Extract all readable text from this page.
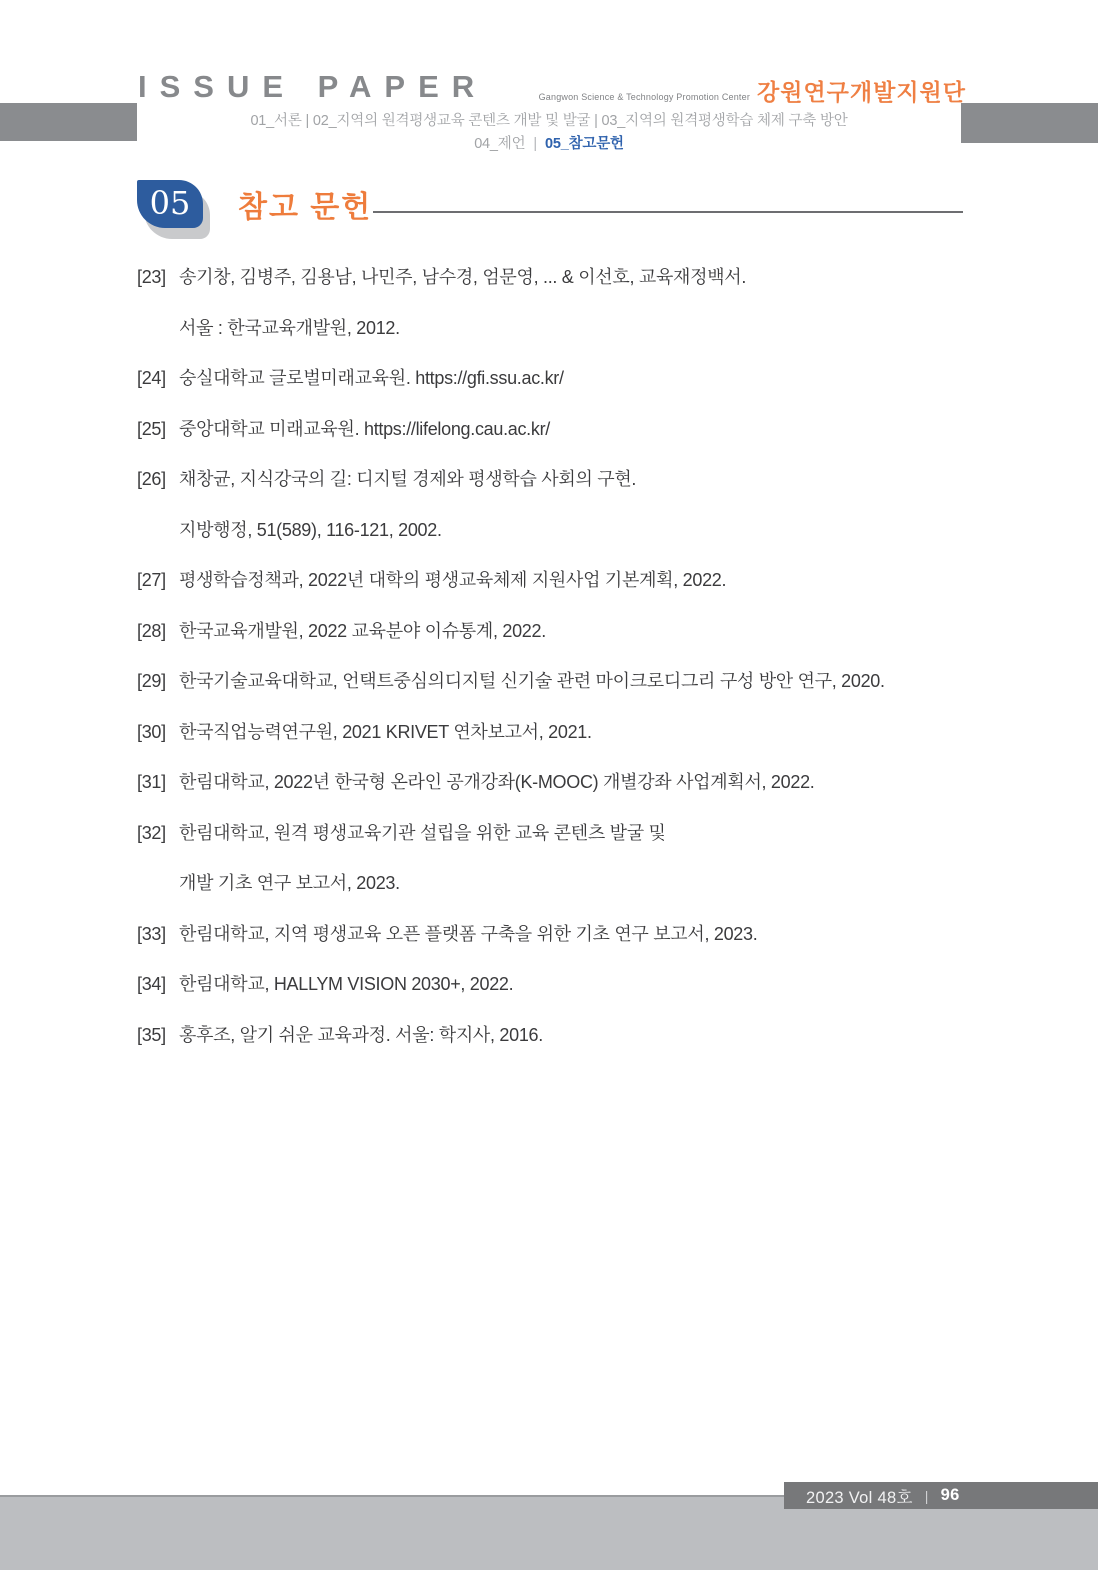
ISSUE PAPER	Gangwon Science & Technology Promotion Center 강원연구개발지원단
01_서론 | 02_지역의 원격평생교육 콘텐츠 개발 및 발굴 | 03_지역의 원격평생학습 체제 구축 방안
04_제언 | 05_참고문헌
05 참고 문헌
[23] 송기창, 김병주, 김용남, 나민주, 남수경, 엄문영, ... & 이선호, 교육재정백서.
서울 : 한국교육개발원, 2012.
[24] 숭실대학교 글로벌미래교육원. https://gfi.ssu.ac.kr/
[25] 중앙대학교 미래교육원. https://lifelong.cau.ac.kr/
[26] 채창균, 지식강국의 길: 디지털 경제와 평생학습 사회의 구현.
지방행정, 51(589), 116-121, 2002.
[27] 평생학습정책과, 2022년 대학의 평생교육체제 지원사업 기본계획, 2022.
[28] 한국교육개발원, 2022 교육분야 이슈통계, 2022.
[29] 한국기술교육대학교, 언택트중심의디지털 신기술 관련 마이크로디그리 구성 방안 연구, 2020.
[30] 한국직업능력연구원, 2021 KRIVET 연차보고서, 2021.
[31] 한림대학교, 2022년 한국형 온라인 공개강좌(K-MOOC) 개별강좌 사업계획서, 2022.
[32] 한림대학교, 원격 평생교육기관 설립을 위한 교육 콘텐츠 발굴 및
개발 기초 연구 보고서, 2023.
[33] 한림대학교, 지역 평생교육 오픈 플랫폼 구축을 위한 기초 연구 보고서, 2023.
[34] 한림대학교, HALLYM VISION 2030+, 2022.
[35] 홍후조, 알기 쉬운 교육과정. 서울: 학지사, 2016.
2023 Vol 48호 | 96
